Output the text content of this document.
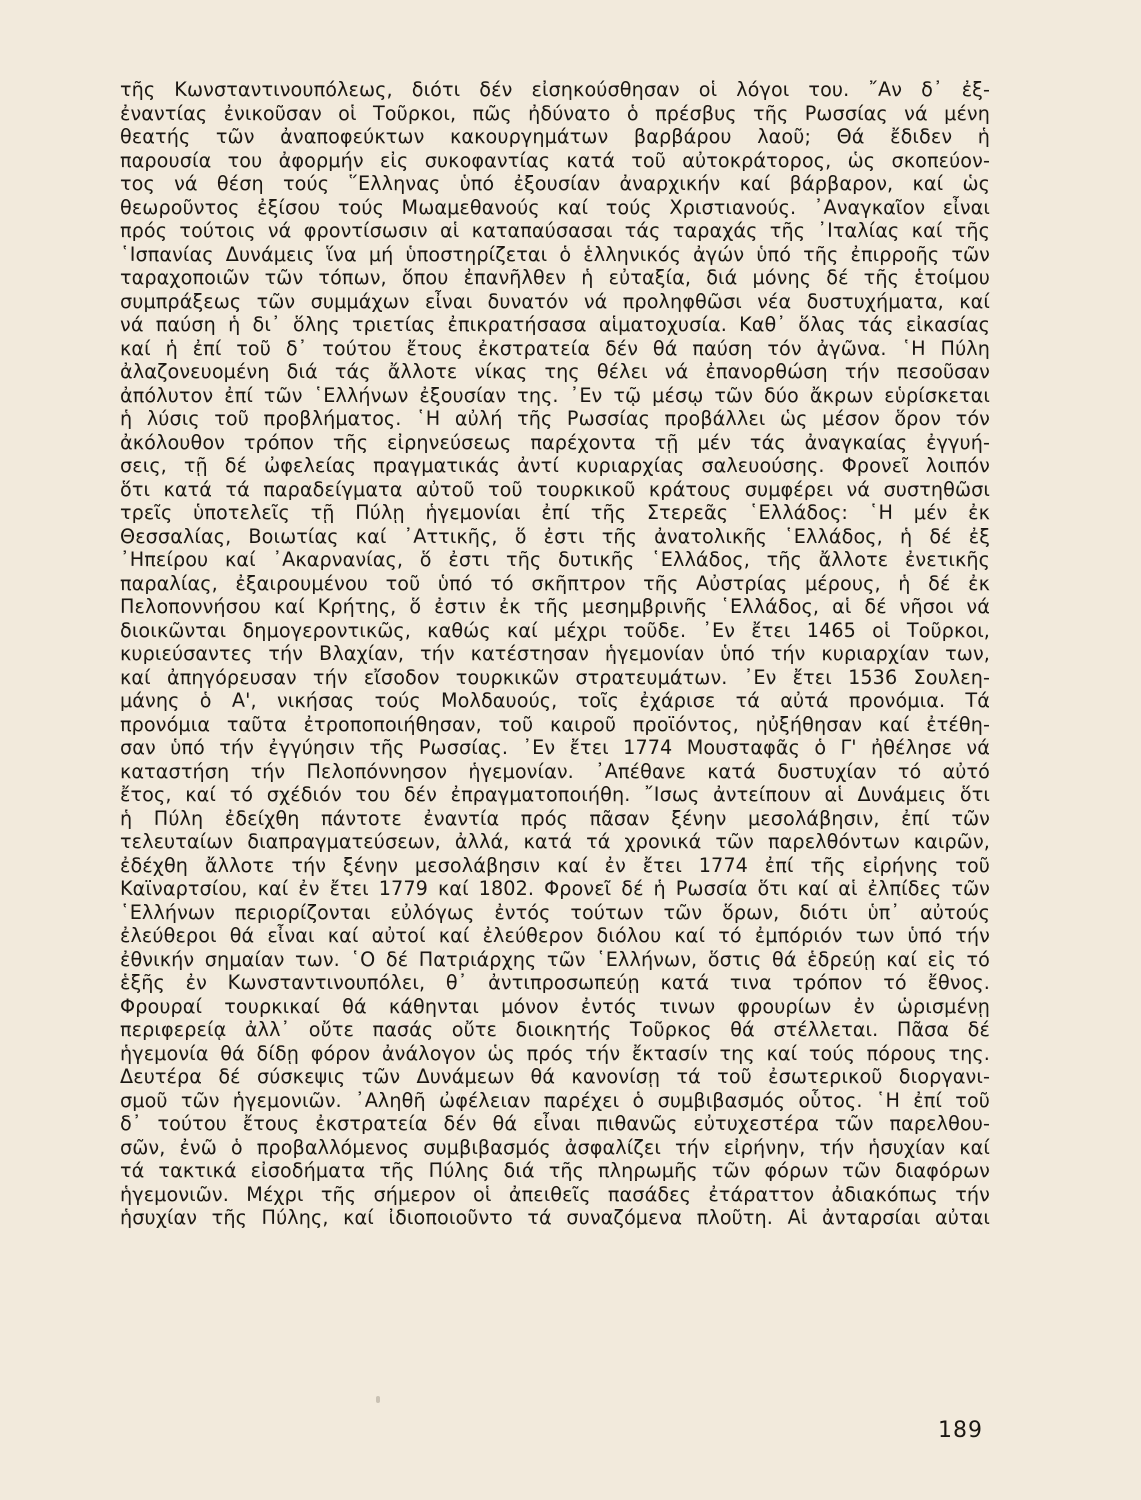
τῆς Κωνσταντινουπόλεως, διότι δέν εἰσηκούσθησαν οἱ λόγοι του. ῎Αν δ᾽ ἐξ-
ἐναντίας ἐνικοῦσαν οἱ Τοῦρκοι, πῶς ἠδύνατο ὁ πρέσβυς τῆς Ρωσσίας νά μένη
θεατής τῶν ἀναποφεύκτων κακουργημάτων βαρβάρου λαοῦ; Θά ἔδιδεν ἡ
παρουσία του ἀφορμήν εἰς συκοφαντίας κατά τοῦ αὐτοκράτορος, ὡς σκοπεύον-
τος νά θέση τούς ῞Ελληνας ὑπό ἐξουσίαν ἀναρχικήν καί βάρβαρον, καί ὡς
θεωροῦντος ἐξίσου τούς Μωαμεθανούς καί τούς Χριστιανούς. ᾿Αναγκαῖον εἶναι
πρός τούτοις νά φροντίσωσιν αἱ καταπαύσασαι τάς ταραχάς τῆς ᾿Ιταλίας καί τῆς
῾Ισπανίας Δυνάμεις ἵνα μή ὑποστηρίζεται ὁ ἑλληνικός ἀγών ὑπό τῆς ἐπιρροῆς τῶν
ταραχοποιῶν τῶν τόπων, ὅπου ἐπανῆλθεν ἡ εὐταξία, διά μόνης δέ τῆς ἑτοίμου
συμπράξεως τῶν συμμάχων εἶναι δυνατόν νά προληφθῶσι νέα δυστυχήματα, καί
νά παύση ἡ δι᾽ ὅλης τριετίας ἐπικρατήσασα αἱματοχυσία. Καθ᾽ ὅλας τάς εἰκασίας
καί ἡ ἐπί τοῦ δ᾽ τούτου ἔτους ἐκστρατεία δέν θά παύση τόν ἀγῶνα. ῾Η Πύλη
ἀλαζονευομένη διά τάς ἄλλοτε νίκας της θέλει νά ἐπανορθώση τήν πεσοῦσαν
ἀπόλυτον ἐπί τῶν ῾Ελλήνων ἐξουσίαν της. ᾿Εν τῷ μέσῳ τῶν δύο ἄκρων εὑρίσκεται
ἡ λύσις τοῦ προβλήματος. ῾Η αὐλή τῆς Ρωσσίας προβάλλει ὡς μέσον ὅρον τόν
ἀκόλουθον τρόπον τῆς εἰρηνεύσεως παρέχοντα τῇ μέν τάς ἀναγκαίας ἐγγυή-
σεις, τῇ δέ ὠφελείας πραγματικάς ἀντί κυριαρχίας σαλευούσης. Φρονεῖ λοιπόν
ὅτι κατά τά παραδείγματα αὐτοῦ τοῦ τουρκικοῦ κράτους συμφέρει νά συστηθῶσι
τρεῖς ὑποτελεῖς τῇ Πύλῃ ἡγεμονίαι ἐπί τῆς Στερεᾶς ῾Ελλάδος: ῾Η μέν ἐκ
Θεσσαλίας, Βοιωτίας καί ᾿Αττικῆς, ὅ ἐστι τῆς ἀνατολικῆς ῾Ελλάδος, ἡ δέ ἐξ
᾿Ηπείρου καί ᾿Ακαρνανίας, ὅ ἐστι τῆς δυτικῆς ῾Ελλάδος, τῆς ἄλλοτε ἐνετικῆς
παραλίας, ἐξαιρουμένου τοῦ ὑπό τό σκῆπτρον τῆς Αὐστρίας μέρους, ἡ δέ ἐκ
Πελοποννήσου καί Κρήτης, ὅ ἐστιν ἐκ τῆς μεσημβρινῆς ῾Ελλάδος, αἱ δέ νῆσοι νά
διοικῶνται δημογεροντικῶς, καθώς καί μέχρι τοῦδε. ᾿Εν ἔτει 1465 οἱ Τοῦρκοι,
κυριεύσαντες τήν Βλαχίαν, τήν κατέστησαν ἡγεμονίαν ὑπό τήν κυριαρχίαν των,
καί ἀπηγόρευσαν τήν εἴσοδον τουρκικῶν στρατευμάτων. ᾿Εν ἔτει 1536 Σουλεη-
μάνης ὁ Α', νικήσας τούς Μολδαυούς, τοῖς ἐχάρισε τά αὐτά προνόμια. Τά
προνόμια ταῦτα ἐτροποποιήθησαν, τοῦ καιροῦ προϊόντος, ηὐξήθησαν καί ἐτέθη-
σαν ὑπό τήν ἐγγύησιν τῆς Ρωσσίας. ᾿Εν ἔτει 1774 Μουσταφᾶς ὁ Γ' ἠθέλησε νά
καταστήση τήν Πελοπόννησον ἡγεμονίαν. ᾿Απέθανε κατά δυστυχίαν τό αὐτό
ἔτος, καί τό σχέδιόν του δέν ἐπραγματοποιήθη. ῎Ισως ἀντείπουν αἱ Δυνάμεις ὅτι
ἡ Πύλη ἐδείχθη πάντοτε ἐναντία πρός πᾶσαν ξένην μεσολάβησιν, ἐπί τῶν
τελευταίων διαπραγματεύσεων, ἀλλά, κατά τά χρονικά τῶν παρελθόντων καιρῶν,
ἐδέχθη ἄλλοτε τήν ξένην μεσολάβησιν καί ἐν ἔτει 1774 ἐπί τῆς εἰρήνης τοῦ
Καϊναρτσίου, καί ἐν ἔτει 1779 καί 1802. Φρονεῖ δέ ἡ Ρωσσία ὅτι καί αἱ ἐλπίδες τῶν
῾Ελλήνων περιορίζονται εὐλόγως ἐντός τούτων τῶν ὅρων, διότι ὑπ᾽ αὐτούς
ἐλεύθεροι θά εἶναι καί αὐτοί καί ἐλεύθερον διόλου καί τό ἐμπόριόν των ὑπό τήν
ἐθνικήν σημαίαν των. ῾Ο δέ Πατριάρχης τῶν ῾Ελλήνων, ὅστις θά ἑδρεύῃ καί εἰς τό
ἑξῆς ἐν Κωνσταντινουπόλει, θ᾽ ἀντιπροσωπεύῃ κατά τινα τρόπον τό ἔθνος.
Φρουραί τουρκικαί θά κάθηνται μόνον ἐντός τινων φρουρίων ἐν ὡρισμένῃ
περιφερείᾳ ἀλλ᾽ οὔτε πασάς οὔτε διοικητής Τοῦρκος θά στέλλεται. Πᾶσα δέ
ἡγεμονία θά δίδῃ φόρον ἀνάλογον ὡς πρός τήν ἔκτασίν της καί τούς πόρους της.
Δευτέρα δέ σύσκεψις τῶν Δυνάμεων θά κανονίσῃ τά τοῦ ἐσωτερικοῦ διοργανι-
σμοῦ τῶν ἡγεμονιῶν. ᾿Αληθῆ ὠφέλειαν παρέχει ὁ συμβιβασμός οὗτος. ῾Η ἐπί τοῦ
δ᾽ τούτου ἔτους ἐκστρατεία δέν θά εἶναι πιθανῶς εὐτυχεστέρα τῶν παρελθου-
σῶν, ἐνῶ ὁ προβαλλόμενος συμβιβασμός ἀσφαλίζει τήν εἰρήνην, τήν ἡσυχίαν καί
τά τακτικά εἰσοδήματα τῆς Πύλης διά τῆς πληρωμῆς τῶν φόρων τῶν διαφόρων
ἡγεμονιῶν. Μέχρι τῆς σήμερον οἱ ἀπειθεῖς πασάδες ἐτάραττον ἀδιακόπως τήν
ἡσυχίαν τῆς Πύλης, καί ἰδιοποιοῦντο τά συναζόμενα πλοῦτη. Αἱ ἀνταρσίαι αὐται
189
